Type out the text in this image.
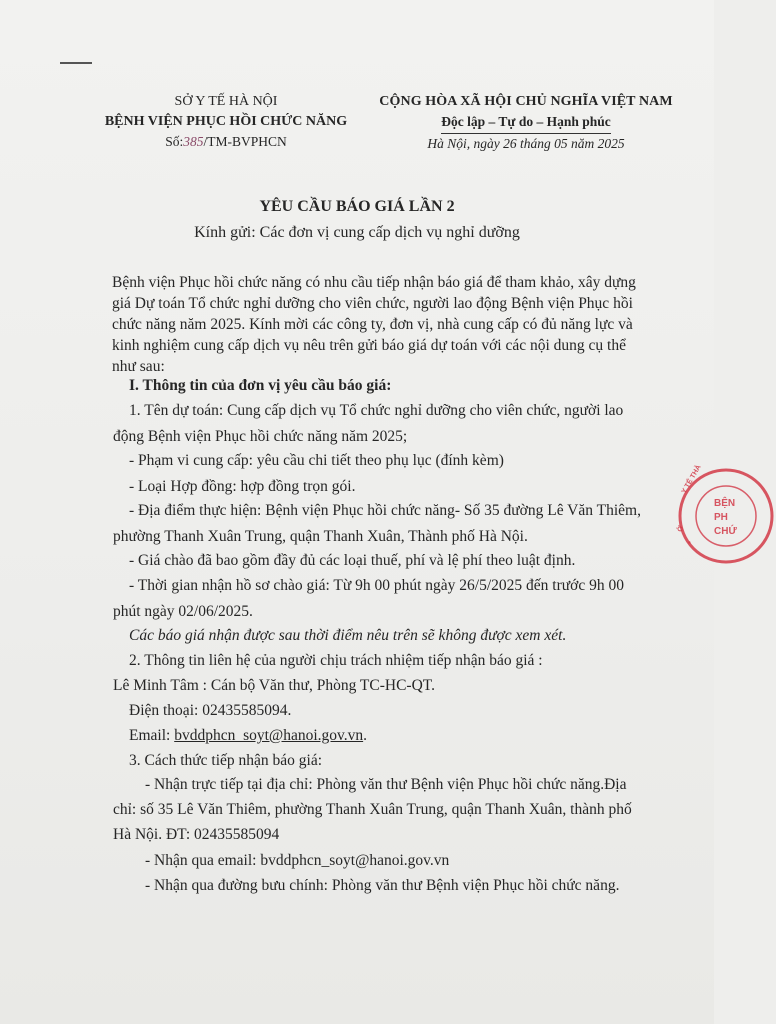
SỞ Y TẾ HÀ NỘI
BỆNH VIỆN PHỤC HỒI CHỨC NĂNG
Số:385/TM-BVPHCN
CỘNG HÒA XÃ HỘI CHỦ NGHĨA VIỆT NAM
Độc lập – Tự do – Hạnh phúc
Hà Nội, ngày 26 tháng 05 năm 2025
YÊU CẦU BÁO GIÁ LẦN 2
Kính gửi: Các đơn vị cung cấp dịch vụ nghỉ dưỡng

Bệnh viện Phục hồi chức năng có nhu cầu tiếp nhận báo giá để tham khảo, xây dựng

giá Dự toán Tổ chức nghỉ dưỡng cho viên chức, người lao động Bệnh viện Phục hồi

chức năng năm 2025. Kính mời các công ty, đơn vị, nhà cung cấp có đủ năng lực và

kinh nghiệm cung cấp dịch vụ nêu trên gửi báo giá dự toán với các nội dung cụ thể

như sau:

I. Thông tin của đơn vị yêu cầu báo giá:
1. Tên dự toán: Cung cấp dịch vụ Tổ chức nghỉ dưỡng cho viên chức, người lao
động Bệnh viện Phục hồi chức năng năm 2025;
- Phạm vi cung cấp: yêu cầu chi tiết theo phụ lục (đính kèm)
- Loại Hợp đồng: hợp đồng trọn gói.
- Địa điểm thực hiện: Bệnh viện Phục hồi chức năng- Số 35 đường Lê Văn Thiêm,
phường Thanh Xuân Trung, quận Thanh Xuân, Thành phố Hà Nội.
- Giá chào đã bao gồm đầy đủ các loại thuế, phí và lệ phí theo luật định.
- Thời gian nhận hồ sơ chào giá: Từ 9h 00 phút ngày 26/5/2025 đến trước 9h 00
phút ngày 02/06/2025.
Các báo giá nhận được sau thời điểm nêu trên sẽ không được xem xét.
2. Thông tin liên hệ của người chịu trách nhiệm tiếp nhận báo giá :
Lê Minh Tâm : Cán bộ Văn thư, Phòng TC-HC-QT.
Điện thoại: 02435585094.
Email: bvddphcn_soyt@hanoi.gov.vn.
3. Cách thức tiếp nhận báo giá:
- Nhận trực tiếp tại địa chỉ: Phòng văn thư Bệnh viện Phục hồi chức năng.Địa
chỉ: số 35 Lê Văn Thiêm, phường Thanh Xuân Trung, quận Thanh Xuân, thành phố
Hà Nội. ĐT: 02435585094
- Nhận qua email: bvddphcn_soyt@hanoi.gov.vn
- Nhận qua đường bưu chính: Phòng văn thư Bệnh viện Phục hồi chức năng.
BỆN
PH
CHỨ
Y TẾ THÀ
Ở
*
